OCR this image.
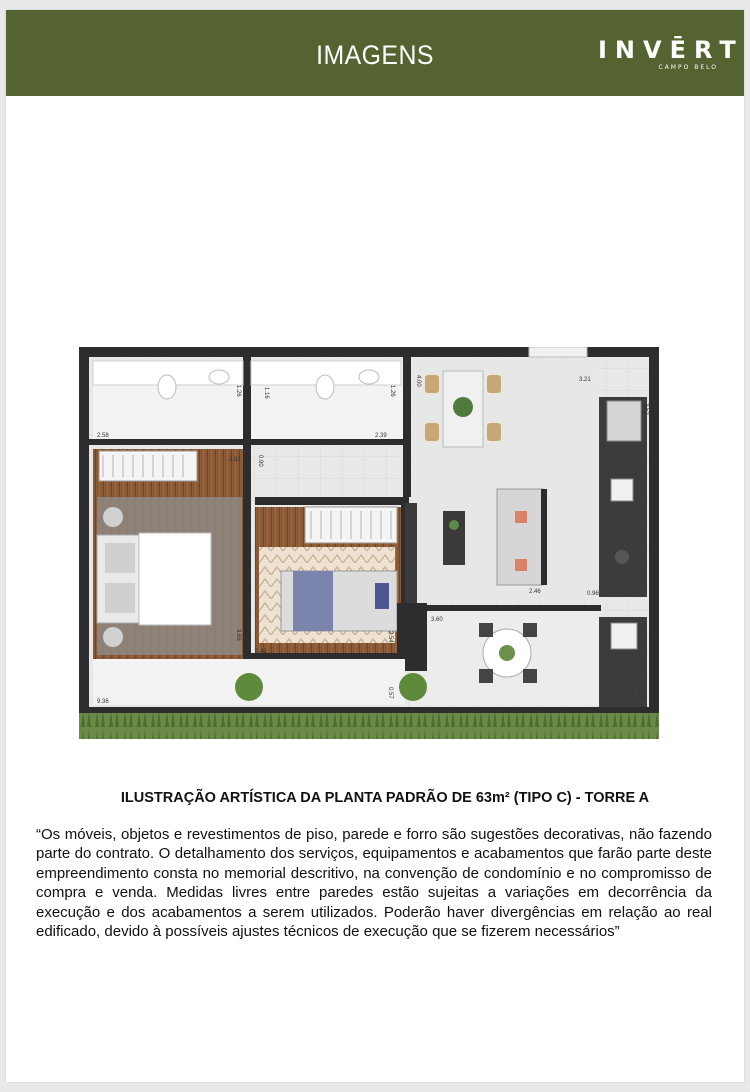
IMAGENS	INVĒRT
CAMPO BELO
2.58
1.26	1.16	1.26
2.39
4.00	3.21
3.52
2.81	0.90
2.46	0.96
3.60
2.42
2.54
3.65
9.36
0.57	1.13
ILUSTRAÇÃO ARTÍSTICA DA PLANTA PADRÃO DE 63m² (TIPO C) - TORRE A
“Os móveis, objetos e revestimentos de piso, parede e forro são sugestões decorativas, não fazendo parte do contrato. O detalhamento dos serviços, equipamentos e acabamentos que farão parte deste empreendimento consta no memorial descritivo, na convenção de condomínio e no compromisso de compra e venda. Medidas livres entre paredes estão sujeitas a variações em decorrência da execução e dos acabamentos a serem utilizados. Poderão haver divergências em relação ao real edificado, devido à possíveis ajustes técnicos de execução que se fizerem necessários”
